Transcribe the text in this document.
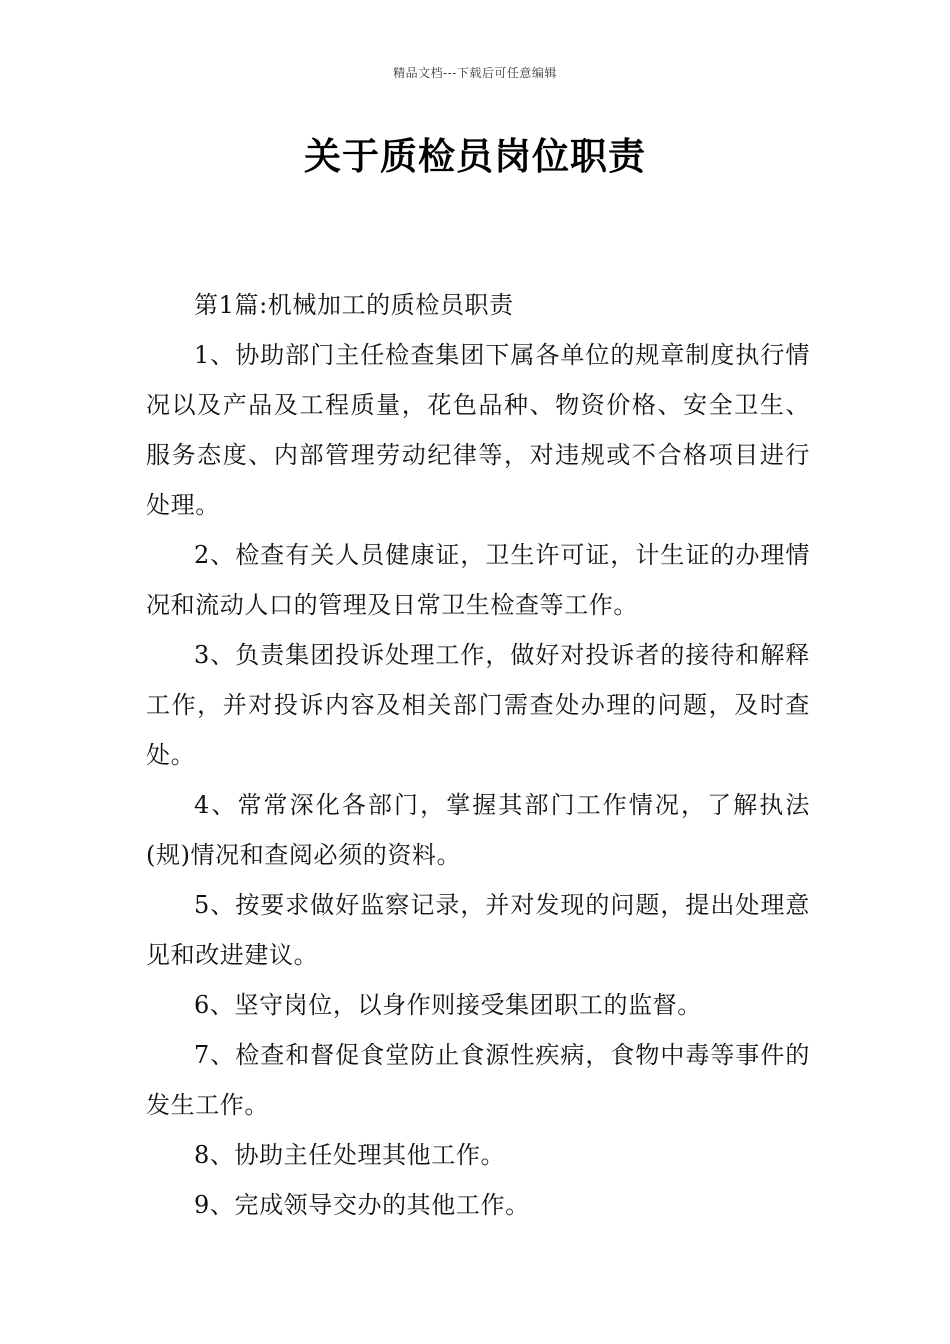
精品文档---下载后可任意编辑
关于质检员岗位职责

第1篇:机械加工的质检员职责

1、协助部门主任检查集团下属各单位的规章制度执行情况以及产品及工程质量，花色品种、物资价格、安全卫生、服务态度、内部管理劳动纪律等，对违规或不合格项目进行处理。

2、检查有关人员健康证，卫生许可证，计生证的办理情况和流动人口的管理及日常卫生检查等工作。

3、负责集团投诉处理工作，做好对投诉者的接待和解释工作，并对投诉内容及相关部门需查处办理的问题，及时查处。

4、常常深化各部门，掌握其部门工作情况，了解执法(规)情况和查阅必须的资料。

5、按要求做好监察记录，并对发现的问题，提出处理意见和改进建议。

6、坚守岗位，以身作则接受集团职工的监督。

7、检查和督促食堂防止食源性疾病，食物中毒等事件的发生工作。

8、协助主任处理其他工作。

9、完成领导交办的其他工作。
